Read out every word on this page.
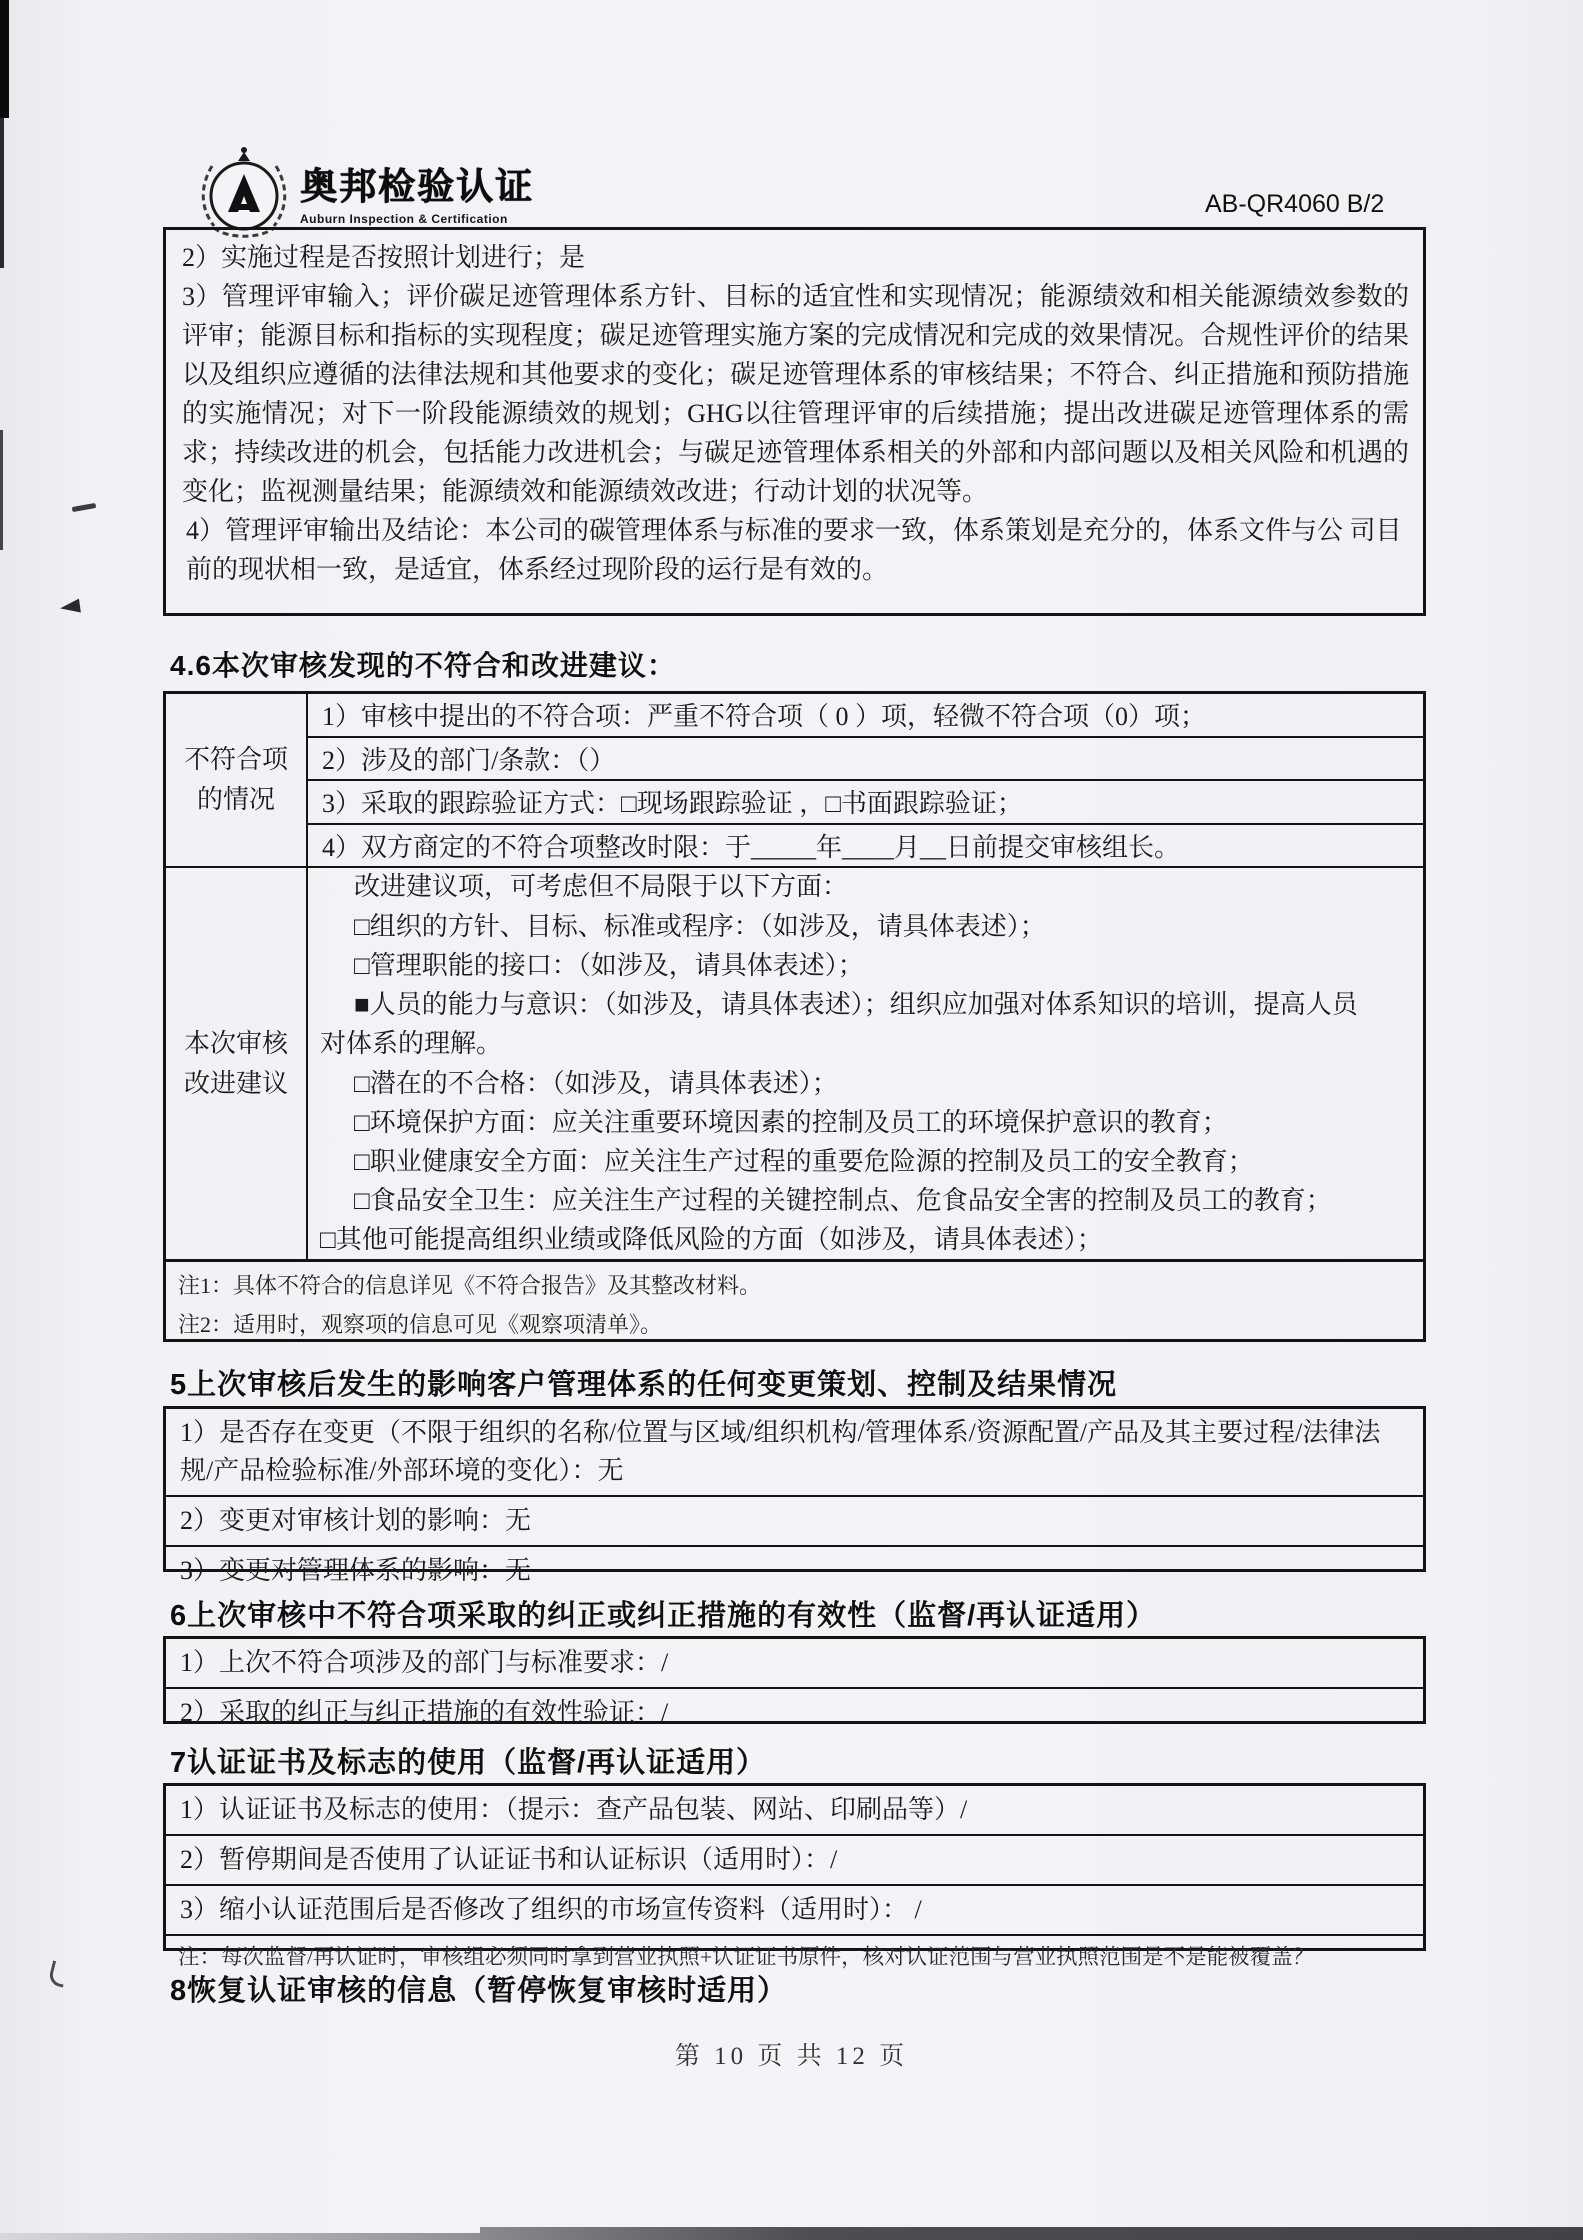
奥邦检验认证
Auburn Inspection & Certification
AB-QR4060 B/2
2）实施过程是否按照计划进行；是
3）管理评审输入；评价碳足迹管理体系方针、目标的适宜性和实现情况；能源绩效和相关能源绩效参数的评审；能源目标和指标的实现程度；碳足迹管理实施方案的完成情况和完成的效果情况。合规性评价的结果以及组织应遵循的法律法规和其他要求的变化；碳足迹管理体系的审核结果；不符合、纠正措施和预防措施的实施情况；对下一阶段能源绩效的规划；GHG以往管理评审的后续措施；提出改进碳足迹管理体系的需求；持续改进的机会，包括能力改进机会；与碳足迹管理体系相关的外部和内部问题以及相关风险和机遇的变化；监视测量结果；能源绩效和能源绩效改进；行动计划的状况等。
4）管理评审输出及结论：本公司的碳管理体系与标准的要求一致，体系策划是充分的，体系文件与公 司目前的现状相一致，是适宜，体系经过现阶段的运行是有效的。
4.6本次审核发现的不符合和改进建议：
不符合项
的情况
1）审核中提出的不符合项：严重不符合项（ 0 ）项，轻微不符合项（0）项；
2）涉及的部门/条款：（）
3）采取的跟踪验证方式：□现场跟踪验证 ，□书面跟踪验证；
4）双方商定的不符合项整改时限：于_____年____月__日前提交审核组长。
本次审核
改进建议
改进建议项，可考虑但不局限于以下方面：
□组织的方针、目标、标准或程序：（如涉及，请具体表述）；
□管理职能的接口：（如涉及，请具体表述）；
■人员的能力与意识：（如涉及，请具体表述）；组织应加强对体系知识的培训，提高人员
对体系的理解。
□潜在的不合格：（如涉及，请具体表述）；
□环境保护方面：应关注重要环境因素的控制及员工的环境保护意识的教育；
□职业健康安全方面：应关注生产过程的重要危险源的控制及员工的安全教育；
□食品安全卫生：应关注生产过程的关键控制点、危食品安全害的控制及员工的教育；
□其他可能提高组织业绩或降低风险的方面（如涉及，请具体表述）；
注1：具体不符合的信息详见《不符合报告》及其整改材料。
注2：适用时，观察项的信息可见《观察项清单》。
5上次审核后发生的影响客户管理体系的任何变更策划、控制及结果情况
1）是否存在变更（不限于组织的名称/位置与区域/组织机构/管理体系/资源配置/产品及其主要过程/法律法规/产品检验标准/外部环境的变化）：无
2）变更对审核计划的影响：无
3）变更对管理体系的影响：无
6上次审核中不符合项采取的纠正或纠正措施的有效性（监督/再认证适用）
1）上次不符合项涉及的部门与标准要求：/
2）采取的纠正与纠正措施的有效性验证：/
7认证证书及标志的使用（监督/再认证适用）
1）认证证书及标志的使用：（提示：查产品包装、网站、印刷品等）/
2）暂停期间是否使用了认证证书和认证标识（适用时）：/
3）缩小认证范围后是否修改了组织的市场宣传资料（适用时）： /
注：每次监督/再认证时，审核组必须同时拿到营业执照+认证证书原件，核对认证范围与营业执照范围是不是能被覆盖？
8恢复认证审核的信息（暂停恢复审核时适用）
第 10 页 共 12 页
